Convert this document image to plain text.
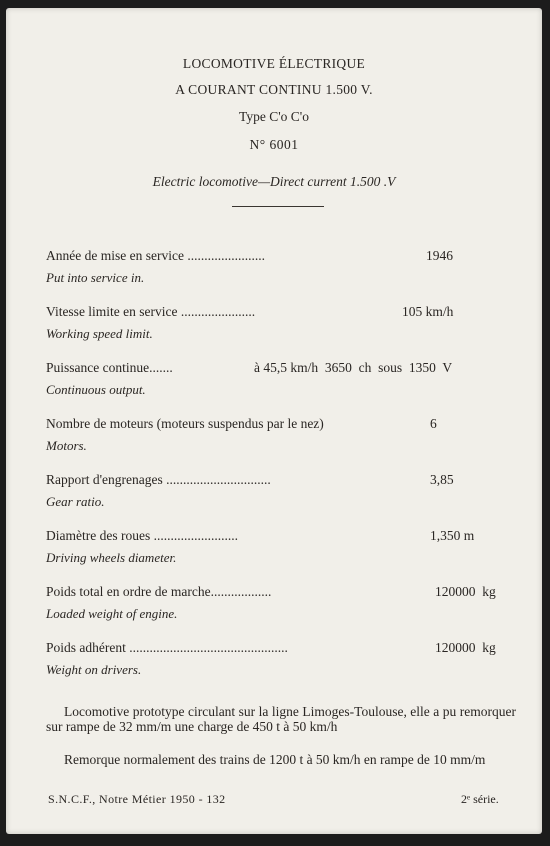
LOCOMOTIVE ÉLECTRIQUE
A COURANT CONTINU 1.500 V.
Type C'o C'o
N° 6001
Electric locomotive—Direct current 1.500 .V
Année de mise en service .......................	1946
Put into service in.
Vitesse limite en service ......................	105 km/h
Working speed limit.
Puissance continue.......	à 45,5 km/h  3650  ch  sous  1350  V
Continuous output.
Nombre de moteurs (moteurs suspendus par le nez)	6
Motors.
Rapport d'engrenages ...............................	3,85
Gear ratio.
Diamètre des roues .........................	1,350 m
Driving wheels diameter.
Poids total en ordre de marche..................	120000  kg
Loaded weight of engine.
Poids adhérent ...............................................	120000  kg
Weight on drivers.

Locomotive prototype circulant sur la ligne Limoges-Toulouse, elle a pu remorquer sur rampe de 32 mm/m une charge de 450 t à 50 km/h

Remorque normalement des trains de 1200 t à 50 km/h en rampe de 10 mm/m

S.N.C.F., Notre Métier 1950 - 132	2ᵉ série.
